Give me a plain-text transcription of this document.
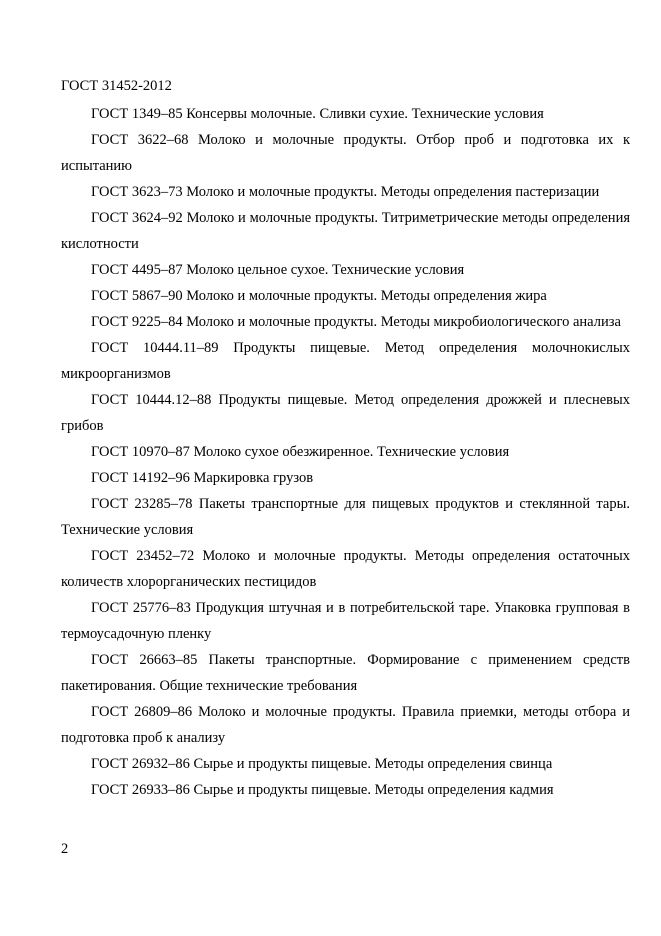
ГОСТ 31452-2012
ГОСТ 1349–85 Консервы молочные. Сливки сухие. Технические условия
ГОСТ 3622–68 Молоко и молочные продукты. Отбор проб и подготовка их к испытанию
ГОСТ 3623–73 Молоко и молочные продукты. Методы определения пастеризации
ГОСТ 3624–92 Молоко и молочные продукты. Титриметрические методы определения кислотности
ГОСТ 4495–87 Молоко цельное сухое. Технические условия
ГОСТ 5867–90 Молоко и молочные продукты. Методы определения жира
ГОСТ 9225–84 Молоко и молочные продукты. Методы микробиологического анализа
ГОСТ 10444.11–89 Продукты пищевые. Метод определения молочнокислых микроорганизмов
ГОСТ 10444.12–88 Продукты пищевые. Метод определения дрожжей и плесневых грибов
ГОСТ 10970–87 Молоко сухое обезжиренное. Технические условия
ГОСТ 14192–96 Маркировка грузов
ГОСТ 23285–78 Пакеты транспортные для пищевых продуктов и стеклянной тары. Технические условия
ГОСТ 23452–72 Молоко и молочные продукты. Методы определения остаточных количеств хлорорганических пестицидов
ГОСТ 25776–83 Продукция штучная и в потребительской таре. Упаковка групповая в термоусадочную пленку
ГОСТ 26663–85 Пакеты транспортные. Формирование с применением средств пакетирования. Общие технические требования
ГОСТ 26809–86 Молоко и молочные продукты. Правила приемки, методы отбора и подготовка проб к анализу
ГОСТ 26932–86 Сырье и продукты пищевые. Методы определения свинца
ГОСТ 26933–86 Сырье и продукты пищевые. Методы определения кадмия
2
